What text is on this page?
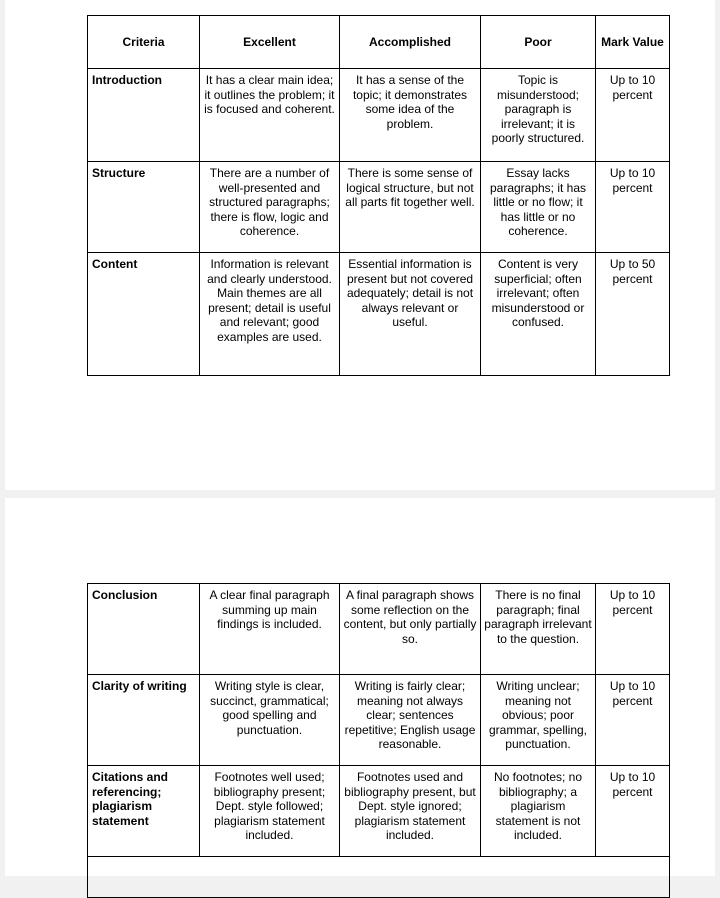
Criteria	Excellent	Accomplished	Poor	Mark Value
Introduction	It has a clear main idea; it outlines the problem; it is focused and coherent.	It has a sense of the topic; it demonstrates some idea of the problem.	Topic is misunderstood; paragraph is irrelevant; it is poorly structured.	Up to 10 percent
Structure	There are a number of well-presented and structured paragraphs; there is flow, logic and coherence.	There is some sense of logical structure, but not all parts fit together well.	Essay lacks paragraphs; it has little or no flow; it has little or no coherence.	Up to 10 percent
Content	Information is relevant and clearly understood. Main themes are all present; detail is useful and relevant; good examples are used.	Essential information is present but not covered adequately; detail is not always relevant or useful.	Content is very superficial; often irrelevant; often misunderstood or confused.	Up to 50 percent
Conclusion	A clear final paragraph summing up main findings is included.	A final paragraph shows some reflection on the content, but only partially so.	There is no final paragraph; final paragraph irrelevant to the question.	Up to 10 percent
Clarity of writing	Writing style is clear, succinct, grammatical; good spelling and punctuation.	Writing is fairly clear; meaning not always clear; sentences repetitive; English usage reasonable.	Writing unclear; meaning not obvious; poor grammar, spelling, punctuation.	Up to 10 percent
Citations and referencing; plagiarism statement	Footnotes well used; bibliography present; Dept. style followed; plagiarism statement included.	Footnotes used and bibliography present, but Dept. style ignored; plagiarism statement included.	No footnotes; no bibliography; a plagiarism statement is not included.	Up to 10 percent
